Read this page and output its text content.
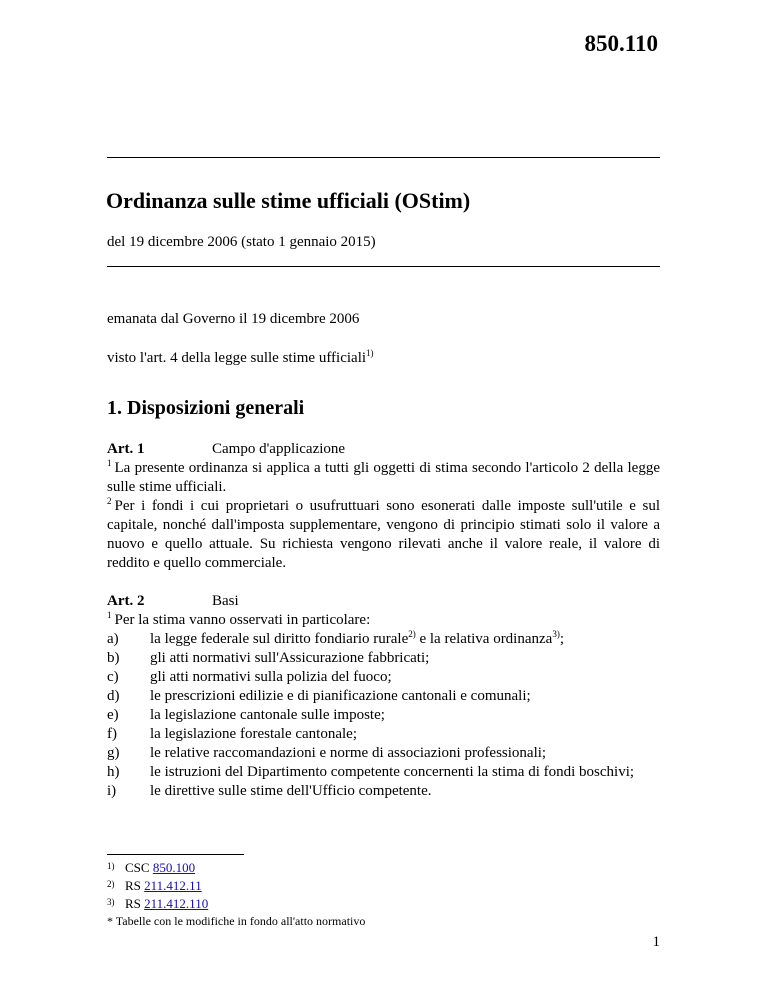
850.110
Ordinanza sulle stime ufficiali (OStim)
del 19 dicembre 2006 (stato 1 gennaio 2015)
emanata dal Governo il 19 dicembre 2006
visto l'art. 4 della legge sulle stime ufficiali$^{1)}$
1. Disposizioni generali
Art. 1	Campo d'applicazione
$^1$ La presente ordinanza si applica a tutti gli oggetti di stima secondo l'articolo 2 della legge sulle stime ufficiali.
$^2$ Per i fondi i cui proprietari o usufruttuari sono esonerati dalle imposte sull'utile e sul capitale, nonché dall'imposta supplementare, vengono di principio stimati solo il valore a nuovo e quello attuale. Su richiesta vengono rilevati anche il valore reale, il valore di reddito e quello commerciale.
Art. 2	Basi
$^1$ Per la stima vanno osservati in particolare:
a)	la legge federale sul diritto fondiario rurale$^{2)}$ e la relativa ordinanza$^{3)}$;
b)	gli atti normativi sull'Assicurazione fabbricati;
c)	gli atti normativi sulla polizia del fuoco;
d)	le prescrizioni edilizie e di pianificazione cantonali e comunali;
e)	la legislazione cantonale sulle imposte;
f)	la legislazione forestale cantonale;
g)	le relative raccomandazioni e norme di associazioni professionali;
h)	le istruzioni del Dipartimento competente concernenti la stima di fondi boschivi;
i)	le direttive sulle stime dell'Ufficio competente.
1) CSC 850.100
2) RS 211.412.11
3) RS 211.412.110
* Tabelle con le modifiche in fondo all'atto normativo
1
